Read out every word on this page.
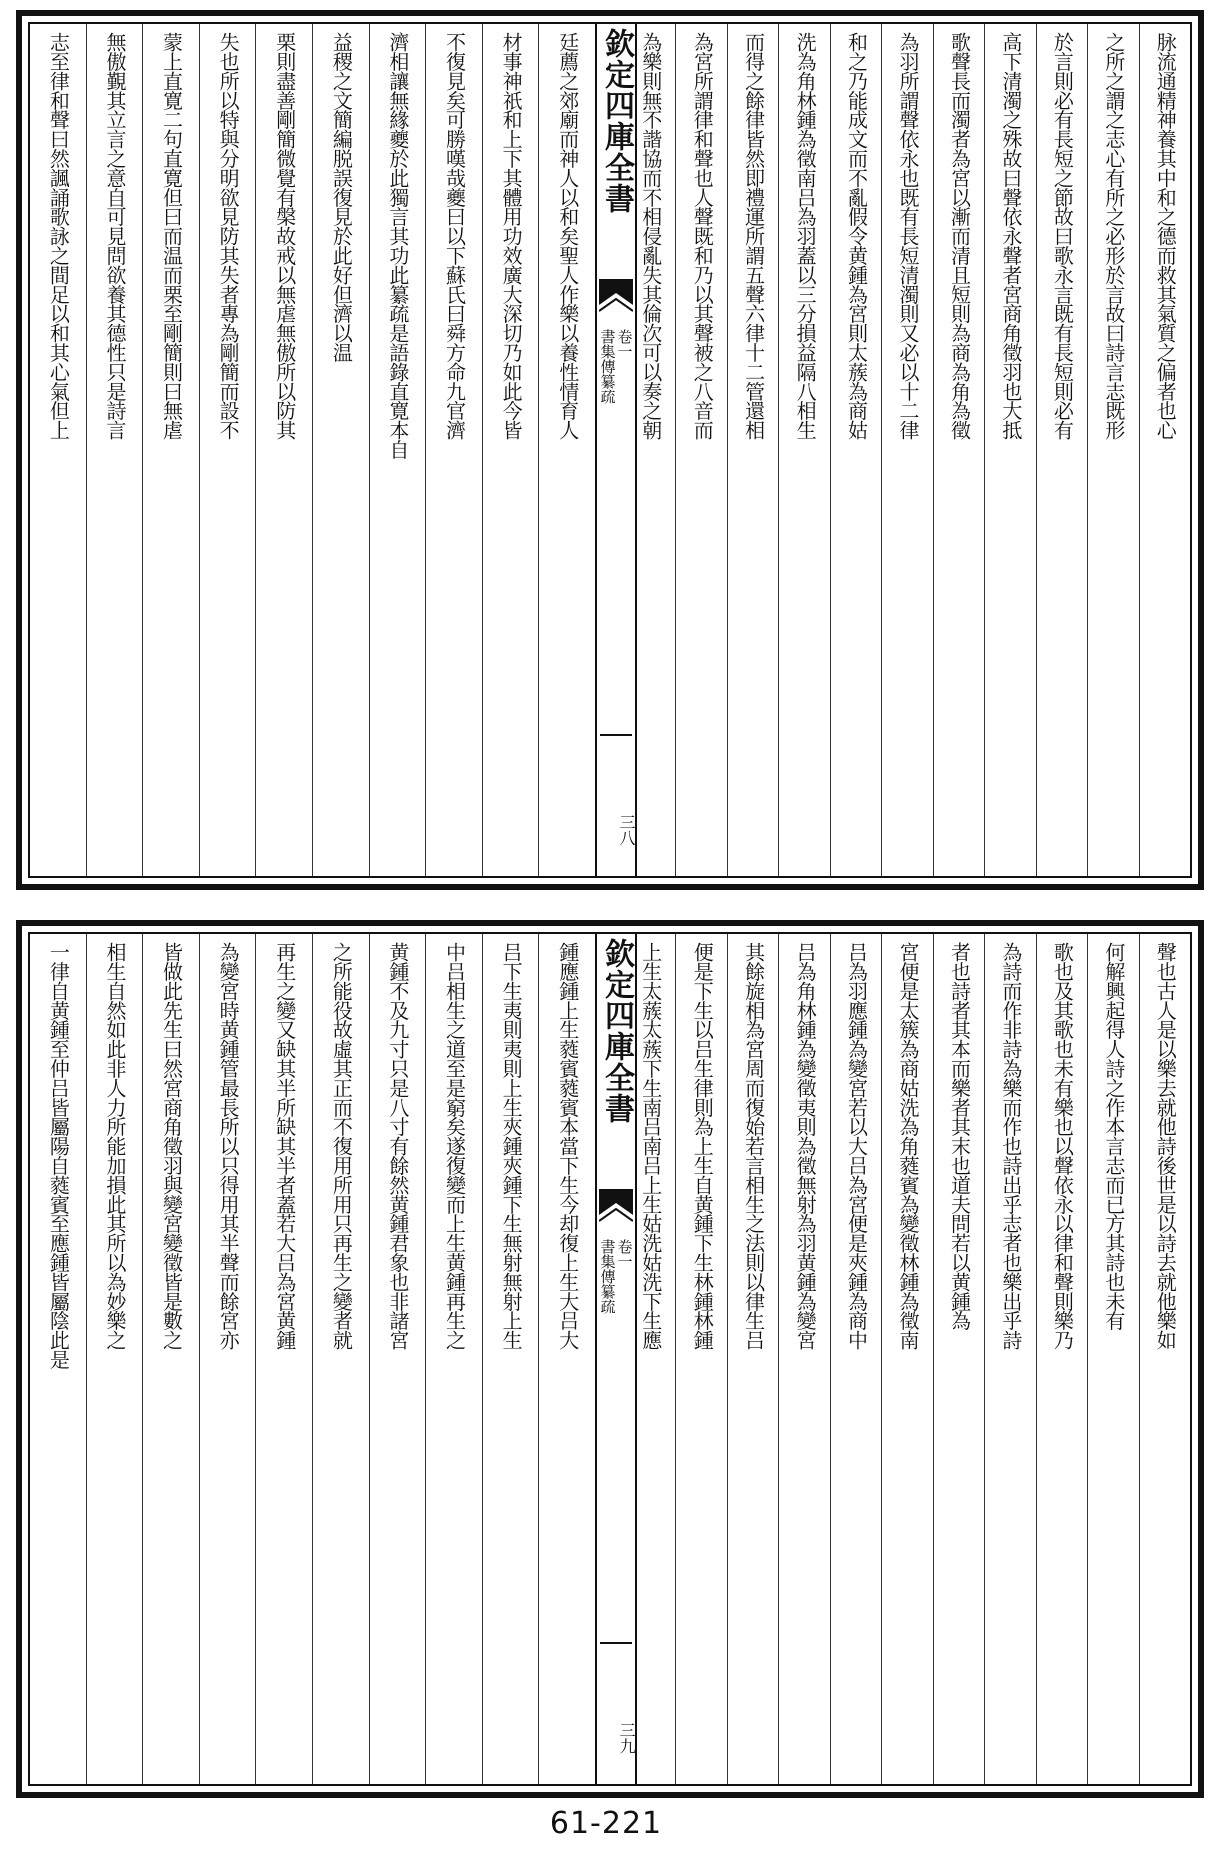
脉流通精神養其中和之德而救其氣質之偏者也心
之所之謂之志心有所之必形於言故曰詩言志既形
於言則必有長短之節故曰歌永言既有長短則必有
高下清濁之殊故曰聲依永聲者宮商角徵羽也大抵
歌聲長而濁者為宮以漸而清且短則為商為角為徵
為羽所謂聲依永也既有長短清濁則又必以十二律
和之乃能成文而不亂假令黄鍾為宮則太蔟為商姑
洗為角林鍾為徵南吕為羽蓋以三分損益隔八相生
而得之餘律皆然即禮運所謂五聲六律十二管還相
為宮所謂律和聲也人聲既和乃以其聲被之八音而
為樂則無不諧協而不相侵亂失其倫次可以奏之朝
欽定四庫全書
卷一
書集傳纂疏
三八
廷薦之郊廟而神人以和矣聖人作樂以養性情育人
材事神祇和上下其體用功效廣大深切乃如此今皆
不復見矣可勝嘆哉夔曰以下蘇氏曰舜方命九官濟
濟相讓無緣夔於此獨言其功此纂疏是語錄直寛本自
益稷之文簡編脱誤復見於此好但濟以温
栗則盡善剛簡微覺有槃故戒以無虐無傲所以防其
失也所以特與分明欲見防其失者專為剛簡而設不
蒙上直寛二句直寛但曰而温而栗至剛簡則曰無虐
無傲覲其立言之意自可見問欲養其德性只是詩言
志至律和聲曰然諷誦歌詠之間足以和其心氣但上
聲也古人是以樂去就他詩後世是以詩去就他樂如
何解興起得人詩之作本言志而已方其詩也未有
歌也及其歌也未有樂也以聲依永以律和聲則樂乃
為詩而作非詩為樂而作也詩出乎志者也樂出乎詩
者也詩者其本而樂者其末也道夫問若以黄鍾為
宮便是太簇為商姑洗為角蕤賓為變徵林鍾為徵南
吕為羽應鍾為變宮若以大吕為宮便是夾鍾為商中
吕為角林鍾為變徵夷則為徵無射為羽黄鍾為變宮
其餘旋相為宮周而復始若言相生之法則以律生吕
便是下生以吕生律則為上生自黄鍾下生林鍾林鍾
上生太蔟太蔟下生南吕南吕上生姑洗姑洗下生應
欽定四庫全書
卷一
書集傳纂疏
三九
鍾應鍾上生蕤賓蕤賓本當下生今却復上生大吕大
吕下生夷則夷則上生夾鍾夾鍾下生無射無射上生
中吕相生之道至是窮矣遂復變而上生黄鍾再生之
黄鍾不及九寸只是八寸有餘然黄鍾君象也非諸宮
之所能役故虛其正而不復用所用只再生之變者就
再生之變又缺其半所缺其半者蓋若大吕為宮黄鍾
為變宮時黄鍾管最長所以只得用其半聲而餘宮亦
皆做此先生曰然宮商角徵羽與變宮變徵皆是數之
相生自然如此非人力所能加損此其所以為妙樂之
一律自黄鍾至仲吕皆屬陽自蕤賓至應鍾皆屬陰此是
61-221
